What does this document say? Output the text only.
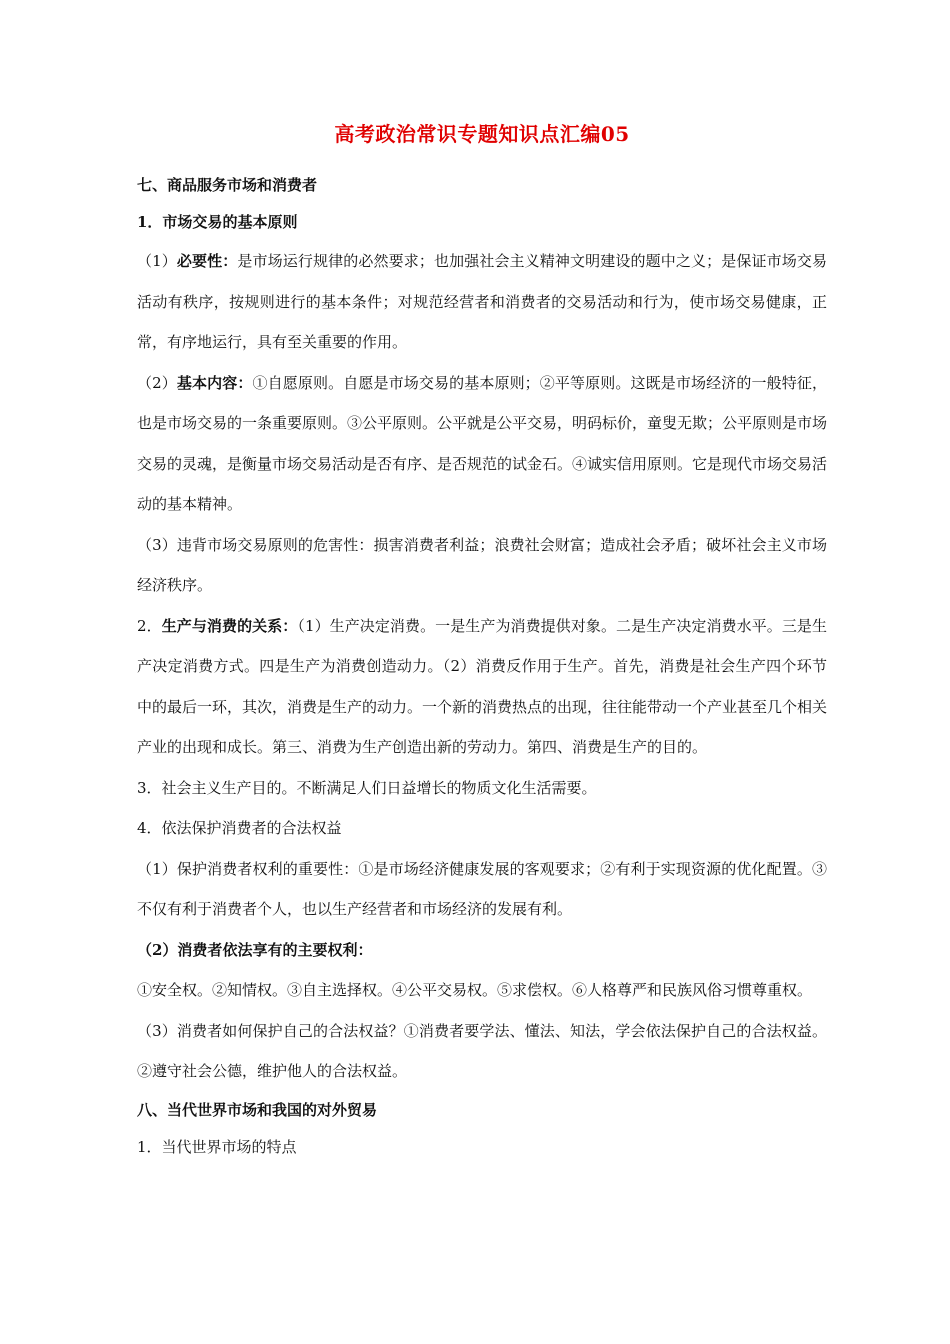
高考政治常识专题知识点汇编05

七、商品服务市场和消费者

1．市场交易的基本原则

（1）必要性：是市场运行规律的必然要求；也加强社会主义精神文明建设的题中之义；是保证市场交易活动有秩序，按规则进行的基本条件；对规范经营者和消费者的交易活动和行为，使市场交易健康，正常，有序地运行，具有至关重要的作用。

（2）基本内容：①自愿原则。自愿是市场交易的基本原则；②平等原则。这既是市场经济的一般特征，也是市场交易的一条重要原则。③公平原则。公平就是公平交易，明码标价，童叟无欺；公平原则是市场交易的灵魂，是衡量市场交易活动是否有序、是否规范的试金石。④诚实信用原则。它是现代市场交易活动的基本精神。

（3）违背市场交易原则的危害性：损害消费者利益；浪费社会财富；造成社会矛盾；破坏社会主义市场经济秩序。

2．生产与消费的关系：（1）生产决定消费。一是生产为消费提供对象。二是生产决定消费水平。三是生产决定消费方式。四是生产为消费创造动力。（2）消费反作用于生产。首先，消费是社会生产四个环节中的最后一环，其次，消费是生产的动力。一个新的消费热点的出现，往往能带动一个产业甚至几个相关产业的出现和成长。第三、消费为生产创造出新的劳动力。第四、消费是生产的目的。

3．社会主义生产目的。不断满足人们日益增长的物质文化生活需要。

4．依法保护消费者的合法权益

（1）保护消费者权利的重要性：①是市场经济健康发展的客观要求；②有利于实现资源的优化配置。③不仅有利于消费者个人，也以生产经营者和市场经济的发展有利。

（2）消费者依法享有的主要权利：

①安全权。②知情权。③自主选择权。④公平交易权。⑤求偿权。⑥人格尊严和民族风俗习惯尊重权。

（3）消费者如何保护自己的合法权益？①消费者要学法、懂法、知法，学会依法保护自己的合法权益。②遵守社会公德，维护他人的合法权益。

八、当代世界市场和我国的对外贸易

1．当代世界市场的特点
